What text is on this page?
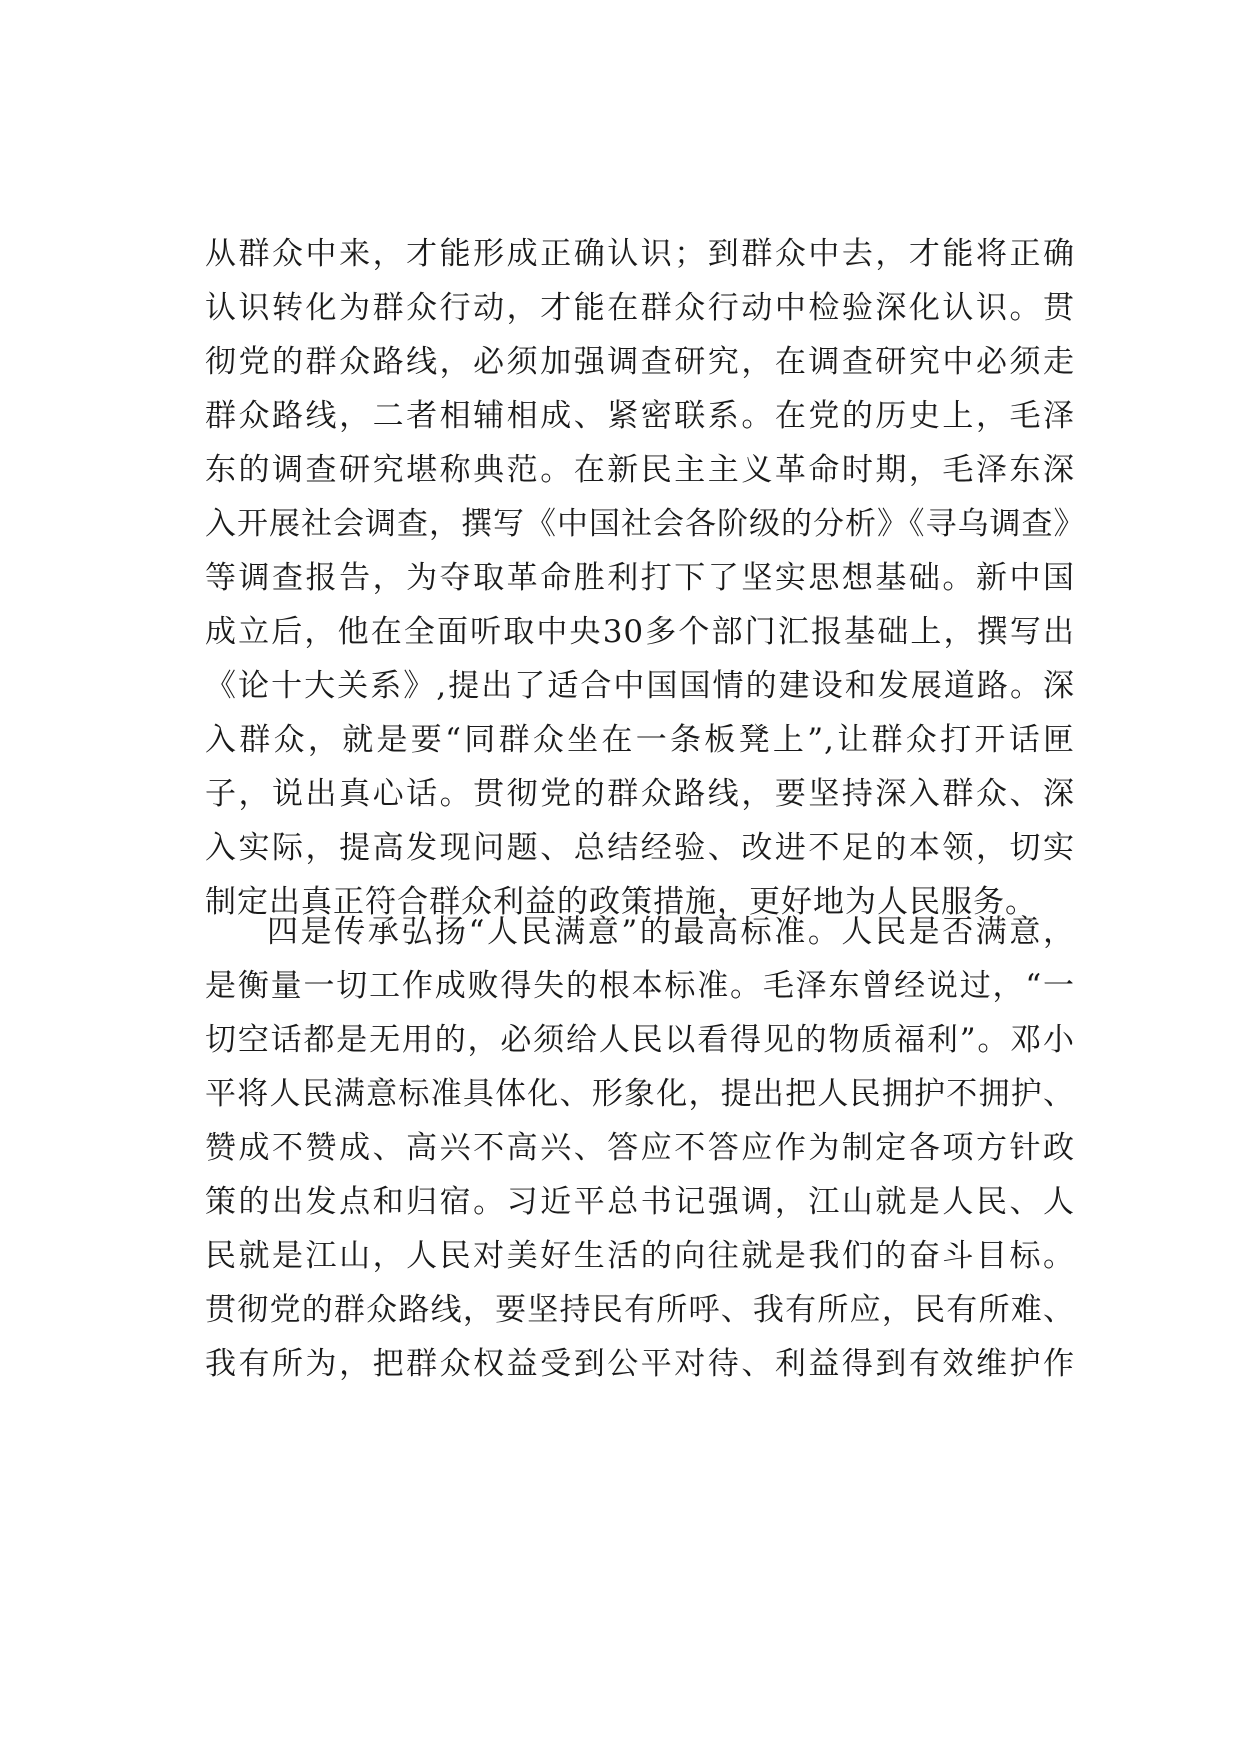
从群众中来，才能形成正确认识；到群众中去，才能将正确
认识转化为群众行动，才能在群众行动中检验深化认识。贯
彻党的群众路线，必须加强调查研究，在调查研究中必须走
群众路线，二者相辅相成、紧密联系。在党的历史上，毛泽
东的调查研究堪称典范。在新民主主义革命时期，毛泽东深
入开展社会调查，撰写《中国社会各阶级的分析》《寻乌调查》
等调查报告，为夺取革命胜利打下了坚实思想基础。新中国
成立后，他在全面听取中央30多个部门汇报基础上，撰写出
《论十大关系》,提出了适合中国国情的建设和发展道路。深
入群众，就是要“同群众坐在一条板凳上”,让群众打开话匣
子，说出真心话。贯彻党的群众路线，要坚持深入群众、深
入实际，提高发现问题、总结经验、改进不足的本领，切实
制定出真正符合群众利益的政策措施，更好地为人民服务。
四是传承弘扬“人民满意”的最高标准。人民是否满意，
是衡量一切工作成败得失的根本标准。毛泽东曾经说过，“一
切空话都是无用的，必须给人民以看得见的物质福利”。邓小
平将人民满意标准具体化、形象化，提出把人民拥护不拥护、
赞成不赞成、高兴不高兴、答应不答应作为制定各项方针政
策的出发点和归宿。习近平总书记强调，江山就是人民、人
民就是江山，人民对美好生活的向往就是我们的奋斗目标。
贯彻党的群众路线，要坚持民有所呼、我有所应，民有所难、
我有所为，把群众权益受到公平对待、利益得到有效维护作
